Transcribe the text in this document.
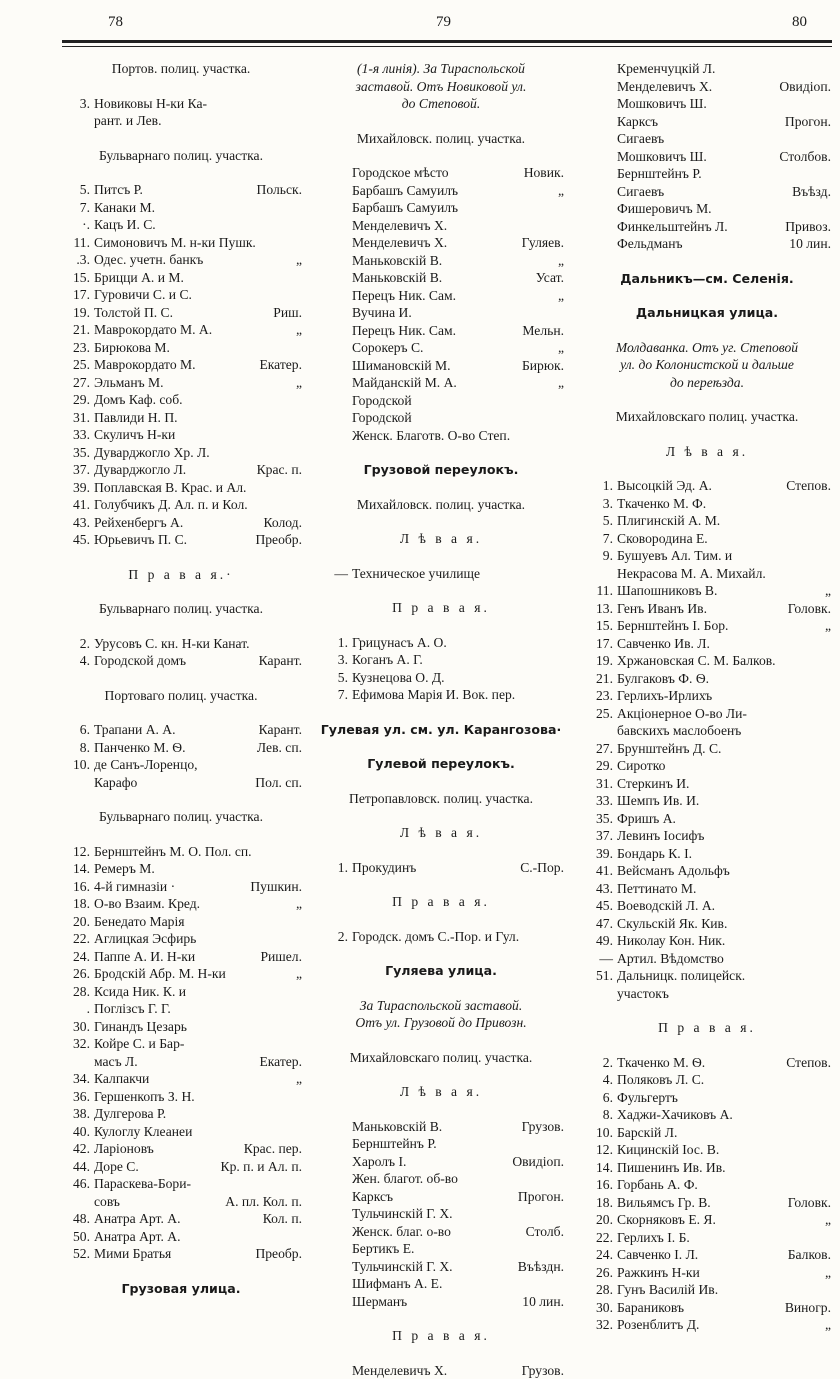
78	79	80
Портов. полиц. участка.
3. Новиковы Н-ки Ка-
рант. и Лев.
Бульварнаго полиц. участка.
5. Питсъ Р.	Польск.
7. Канаки М.
·. Кацъ И. С.
11. Симоновичъ М. н-ки Пушк.
.3. Одес. учетн. банкъ	„
15. Брицци А. и М.
17. Гуровичи С. и С.
19. Толстой П. С.	Риш.
21. Маврокордато М. А.	„
23. Бирюкова М.
25. Маврокордато М.	Екатер.
27. Эльманъ М.	„
29. Домъ Каф. соб.
31. Павлиди Н. П.
33. Скуличъ Н-ки
35. Дуварджогло Хр. Л.
37. Дуварджогло Л.	Крас. п.
39. Поплавская В. Крас. и Ал.
41. Голубчикъ Д. Ал. п. и Кол.
43. Рейхенбергъ А.	Колод.
45. Юрьевичъ П. С.	Преобр.
П р а в а я.·
Бульварнаго полиц. участка.
2. Урусовъ С. кн. Н-ки Канат.
4. Городской домъ	Карант.
Портоваго полиц. участка.
6. Трапани А. А.	Карант.
8. Панченко М. Ѳ.	Лев. сп.
10. де Санъ-Лоренцо,
Карафо	Пол. сп.
Бульварнаго полиц. участка.
12. Бернштейнъ М. О. Пол. сп.
14. Ремеръ М.
16. 4-й гимназіи ·	Пушкин.
18. О-во Взаим. Кред.	„
20. Бенедато Марія
22. Аглицкая Эсфирь
24. Паппе А. И. Н-ки	Ришел.
26. Бродскій Абр. М. Н-ки	„
28. Ксида Ник. К. и
. Поглізсъ Г. Г.
30. Гинандъ Цезарь
32. Койре С. и Бар-
масъ Л.	Екатер.
34. Калпакчи	„
36. Гершенкопъ З. Н.
38. Дулгерова Р.
40. Кулоглу Клеанеи
42. Ларіоновъ	Крас. пер.
44. Доре С.	Кр. п. и Ал. п.
46. Параскева-Бори-
совъ	А. пл. Кол. п.
48. Анатра Арт. А.	Кол. п.
50. Анатра Арт. А.
52. Мими Братья	Преобр.
Грузовая улица.
(1-я линія). За Тираспольской
заставой. Отъ Новиковой ул.
до Степовой.
Михайловск. полиц. участка.
Городское мѣсто	Новик.
Барбашъ Самуилъ	„
Барбашъ Самуилъ
Менделевичъ Х.
Менделевичъ Х.	Гуляев.
Маньковскій В.	„
Маньковскій В.	Усат.
Перецъ Ник. Сам.	„
Вучина И.
Перецъ Ник. Сам.	Мельн.
Сорокеръ С.	„
Шимановскій М.	Бирюк.
Майданскій М. А.	„
Городской
Городской
Женск. Благотв. О-во Степ.
Грузовой переулокъ.
Михайловск. полиц. участка.
Л ѣ в а я.
— Техническое училище
П р а в а я.
1. Грицунасъ А. О.
3. Коганъ А. Г.
5. Кузнецова О. Д.
7. Ефимова Марія И. Вок. пер.
Гулевая ул. см. ул. Карангозова·
Гулевой переулокъ.
Петропавловск. полиц. участка.
Л ѣ в а я.
1. Прокудинъ	С.-Пор.
П р а в а я.
2. Городск. домъ С.-Пор. и Гул.
Гуляева улица.
За Тираспольской заставой.
Отъ ул. Грузовой до Привозн.
Михайловскаго полиц. участка.
Л ѣ в а я.
Маньковскій В.	Грузов.
Бернштейнъ Р.
Харолъ І.	Овидіоп.
Жен. благот. об-во
Карксъ	Прогон.
Тульчинскій Г. Х.
Женск. благ. о-во	Столб.
Бертикъ Е.
Тульчинскій Г. Х.	Въѣздн.
Шифманъ А. Е.
Шерманъ	10 лин.
П р а в а я.
Менделевичъ Х.	Грузов.
Кременчуцкій Л.
Менделевичъ Х.	Овидіоп.
Мошковичъ Ш.
Карксъ	Прогон.
Сигаевъ
Мошковичъ Ш.	Столбов.
Бернштейнъ Р.
Сигаевъ	Въѣзд.
Фишеровичъ М.
Финкельштейнъ Л.	Привоз.
Фельдманъ	10 лин.
Дальникъ—см. Селенія.
Дальницкая улица.
Молдаванка. Отъ уг. Степовой
ул. до Колонистской и дальше
до переѣзда.
Михайловскаго полиц. участка.
Л ѣ в а я.
1. Высоцкій Эд. А.	Степов.
3. Ткаченко М. Ф.
5. Плигинскій А. М.
7. Сковородина Е.
9. Бушуевъ Ал. Тим. и
Некрасова М. А. Михайл.
11. Шапошниковъ В.	„
13. Генъ Иванъ Ив.	Головк.
15. Бернштейнъ І. Бор.	„
17. Савченко Ив. Л.
19. Хржановская С. М. Балков.
21. Булгаковъ Ф. Ѳ.
23. Герлихъ-Ирлихъ
25. Акціонерное О-во Ли-
бавскихъ маслобоенъ
27. Брунштейнъ Д. С.
29. Сиротко
31. Стеркинъ И.
33. Шемпъ Ив. И.
35. Фришъ А.
37. Левинъ Іосифъ
39. Бондарь К. І.
41. Вейсманъ Адольфъ
43. Петтинато М.
45. Воеводскій Л. А.
47. Скульскій Як. Кив.
49. Николау Кон. Ник.
— Артил. Вѣдомство
51. Дальницк. полицейск.
участокъ
П р а в а я.
2. Ткаченко М. Ѳ.	Степов.
4. Поляковъ Л. С.
6. Фульгертъ
8. Хаджи-Хачиковъ А.
10. Барскій Л.
12. Кицинскій Іос. В.
14. Пишенинъ Ив. Ив.
16. Горбань А. Ф.
18. Вильямсъ Гр. В.	Головк.
20. Скорняковъ Е. Я.	„
22. Герлихъ І. Б.
24. Савченко І. Л.	Балков.
26. Ражкинъ Н-ки	„
28. Гунъ Василій Ив.
30. Бараниковъ	Виногр.
32. Розенблитъ Д.	„
